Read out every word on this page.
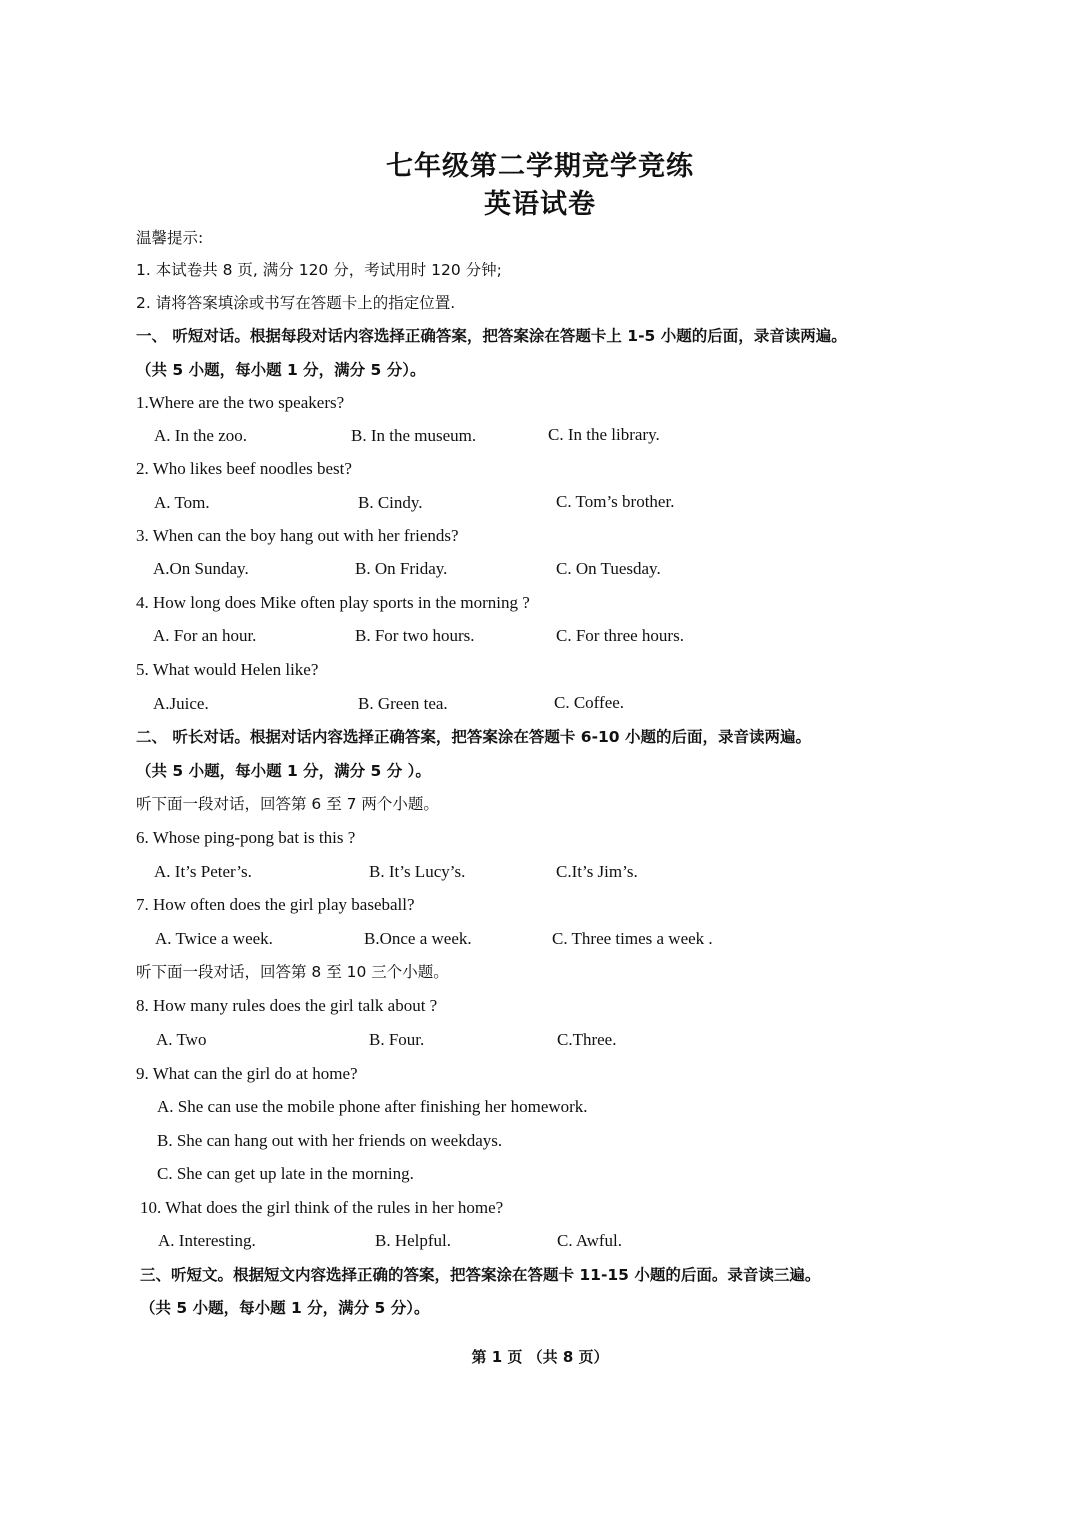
七年级第二学期竞学竞练
英语试卷
温馨提示:
1. 本试卷共 8 页, 满分 120 分，考试用时 120 分钟;
2. 请将答案填涂或书写在答题卡上的指定位置.
一、 听短对话。根据每段对话内容选择正确答案，把答案涂在答题卡上 1-5 小题的后面，录音读两遍。
（共 5 小题，每小题 1 分，满分 5 分）。
1.Where are the two speakers?
A. In the zoo.	B. In the museum.	C. In the library.
2. Who likes beef noodles best?
A. Tom.	B. Cindy.	C. Tom’s brother.
3. When can the boy hang out with her friends?
A.On Sunday.	B. On Friday.	C. On Tuesday.
4. How long does Mike often play sports in the morning ?
A. For an hour.	B. For two hours.	C. For three hours.
5. What would Helen like?
A.Juice.	B. Green tea.	C. Coffee.
二、 听长对话。根据对话内容选择正确答案，把答案涂在答题卡 6-10 小题的后面，录音读两遍。
（共 5 小题，每小题 1 分，满分 5 分 ）。
听下面一段对话，回答第 6 至 7 两个小题。
6. Whose ping-pong bat is this ?
A. It’s Peter’s.	B. It’s Lucy’s.	C.It’s Jim’s.
7. How often does the girl play baseball?
A. Twice a week.	B.Once a week.	C. Three times a week .
听下面一段对话，回答第 8 至 10 三个小题。
8. How many rules does the girl talk about ?
A. Two	B. Four.	C.Three.
9. What can the girl do at home?
A. She can use the mobile phone after finishing her homework.
B. She can hang out with her friends on weekdays.
C. She can get up late in the morning.
10. What does the girl think of the rules in her home?
A. Interesting.	B. Helpful.	C. Awful.
三、听短文。根据短文内容选择正确的答案，把答案涂在答题卡 11-15 小题的后面。录音读三遍。
（共 5 小题，每小题 1 分，满分 5 分）。
第 1 页 （共 8 页）
